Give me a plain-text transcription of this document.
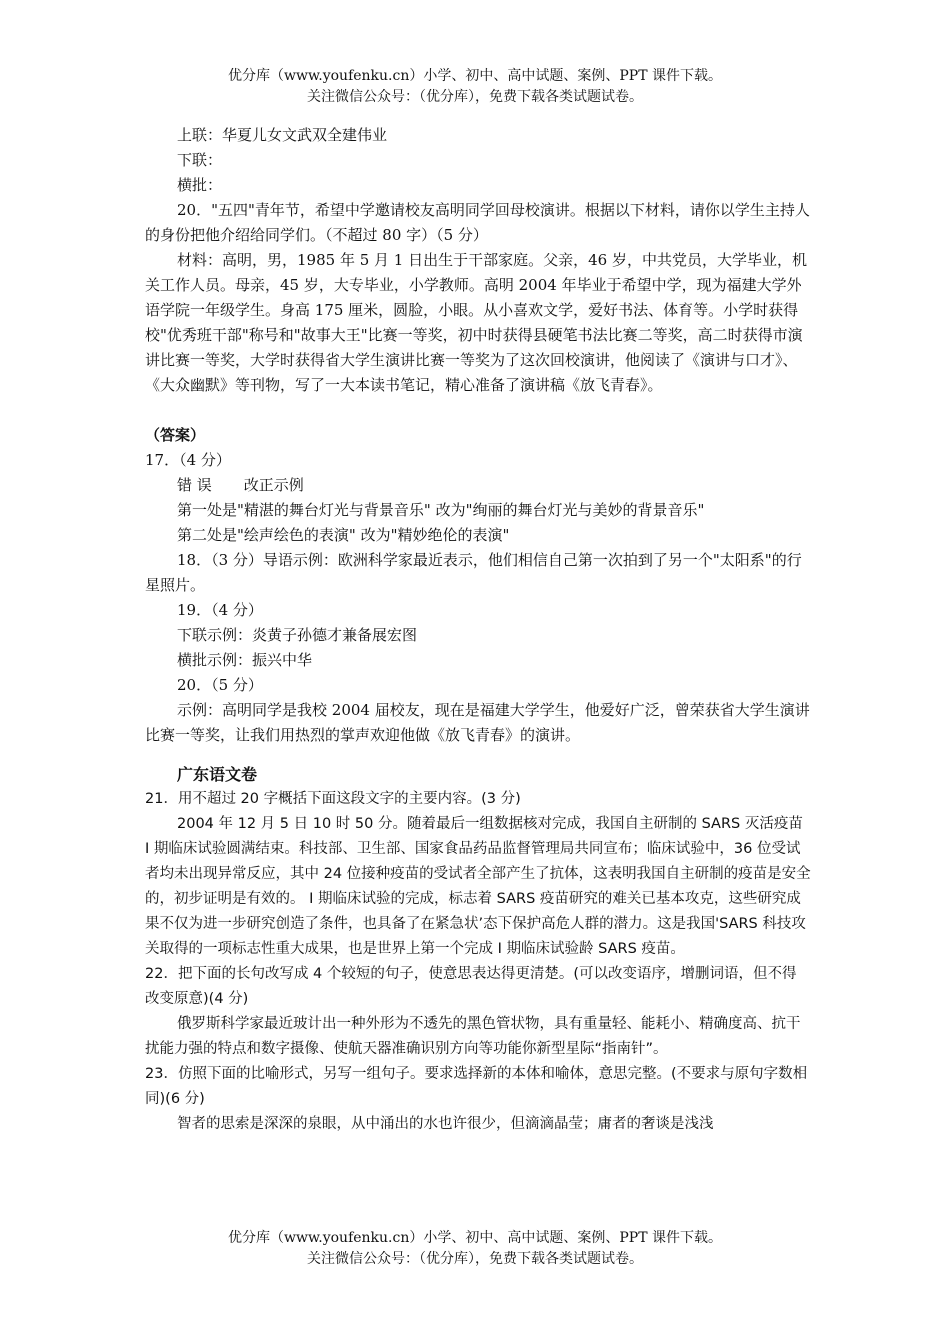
优分库（www.youfenku.cn）小学、初中、高中试题、案例、PPT 课件下载。
关注微信公众号：（优分库），免费下载各类试题试卷。

上联：华夏儿女文武双全建伟业

下联：

横批：

20．"五四"青年节，希望中学邀请校友高明同学回母校演讲。根据以下材料，请你以学生主持人的身份把他介绍给同学们。（不超过 80 字）（5 分）

材料：高明，男，1985 年 5 月 1 日出生于干部家庭。父亲，46 岁，中共党员，大学毕业，机关工作人员。母亲，45 岁，大专毕业，小学教师。高明 2004 年毕业于希望中学，现为福建大学外语学院一年级学生。身高 175 厘米，圆脸，小眼。从小喜欢文学，爱好书法、体育等。小学时获得校"优秀班干部"称号和"故事大王"比赛一等奖，初中时获得县硬笔书法比赛二等奖，高二时获得市演讲比赛一等奖，大学时获得省大学生演讲比赛一等奖为了这次回校演讲，他阅读了《演讲与口才》、《大众幽默》等刊物，写了一大本读书笔记，精心准备了演讲稿《放飞青春》。

（答案）

17．（4 分）

错 误 改正示例

第一处是"精湛的舞台灯光与背景音乐" 改为"绚丽的舞台灯光与美妙的背景音乐"

第二处是"绘声绘色的表演" 改为"精妙绝伦的表演"

18．（3 分）导语示例：欧洲科学家最近表示，他们相信自己第一次拍到了另一个"太阳系"的行星照片。

19．（4 分）

下联示例：炎黄子孙德才兼备展宏图

横批示例：振兴中华

20．（5 分）

示例：高明同学是我校 2004 届校友，现在是福建大学学生，他爱好广泛，曾荣获省大学生演讲比赛一等奖，让我们用热烈的掌声欢迎他做《放飞青春》的演讲。

广东语文卷

21．用不超过 20 字概括下面这段文字的主要内容。(3 分)

2004 年 12 月 5 日 10 时 50 分。随着最后一组数据核对完成，我国自主研制的 SARS 灭活疫苗 I 期临床试验圆满结束。科技部、卫生部、国家食品药品监督管理局共同宣布；临床试验中，36 位受试者均未出现异常反应，其中 24 位接种疫苗的受试者全部产生了抗体，这表明我国自主研制的疫苗是安全的，初步证明是有效的。 I 期临床试验的完成，标志着 SARS 疫苗研究的难关已基本攻克，这些研究成果不仅为进一步研究创造了条件，也具备了在紧急状’态下保护高危人群的潜力。这是我国'SARS 科技攻关取得的一项标志性重大成果，也是世界上第一个完成 I 期临床试验龄 SARS 疫苗。

22．把下面的长句改写成 4 个较短的句子，使意思表达得更清楚。(可以改变语序，增删词语，但不得改变原意)(4 分)

俄罗斯科学家最近玻计出一种外形为不透先的黑色管状物，具有重量轻、能耗小、精确度高、抗干扰能力强的特点和数字摄像、使航天器准确识别方向等功能你新型星际“指南针”。

23．仿照下面的比喻形式，另写一组句子。要求选择新的本体和喻体，意思完整。(不要求与原句字数相同)(6 分)

智者的思索是深深的泉眼，从中涌出的水也许很少，但滴滴晶莹；庸者的奢谈是浅浅

优分库（www.youfenku.cn）小学、初中、高中试题、案例、PPT 课件下载。
关注微信公众号：（优分库），免费下载各类试题试卷。
